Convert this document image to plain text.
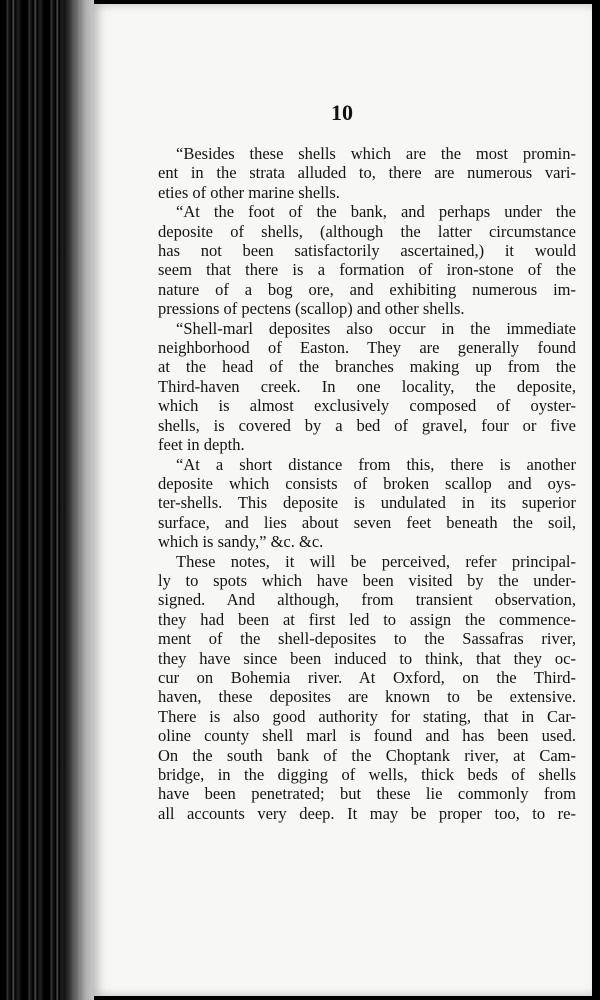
10

“Besides these shells which are the most promin-
ent in the strata alluded to, there are numerous vari-
eties of other marine shells.
“At the foot of the bank, and perhaps under the
deposite of shells, (although the latter circumstance
has not been satisfactorily ascertained,) it would
seem that there is a formation of iron-stone of the
nature of a bog ore, and exhibiting numerous im-
pressions of pectens (scallop) and other shells.
“Shell-marl deposites also occur in the immediate
neighborhood of Easton. They are generally found
at the head of the branches making up from the
Third-haven creek. In one locality, the deposite,
which is almost exclusively composed of oyster-
shells, is covered by a bed of gravel, four or five
feet in depth.
“At a short distance from this, there is another
deposite which consists of broken scallop and oys-
ter-shells. This deposite is undulated in its superior
surface, and lies about seven feet beneath the soil,
which is sandy,” &c. &c.
These notes, it will be perceived, refer principal-
ly to spots which have been visited by the under-
signed. And although, from transient observation,
they had been at first led to assign the commence-
ment of the shell-deposites to the Sassafras river,
they have since been induced to think, that they oc-
cur on Bohemia river. At Oxford, on the Third-
haven, these deposites are known to be extensive.
There is also good authority for stating, that in Car-
oline county shell marl is found and has been used.
On the south bank of the Choptank river, at Cam-
bridge, in the digging of wells, thick beds of shells
have been penetrated; but these lie commonly from
all accounts very deep. It may be proper too, to re-
